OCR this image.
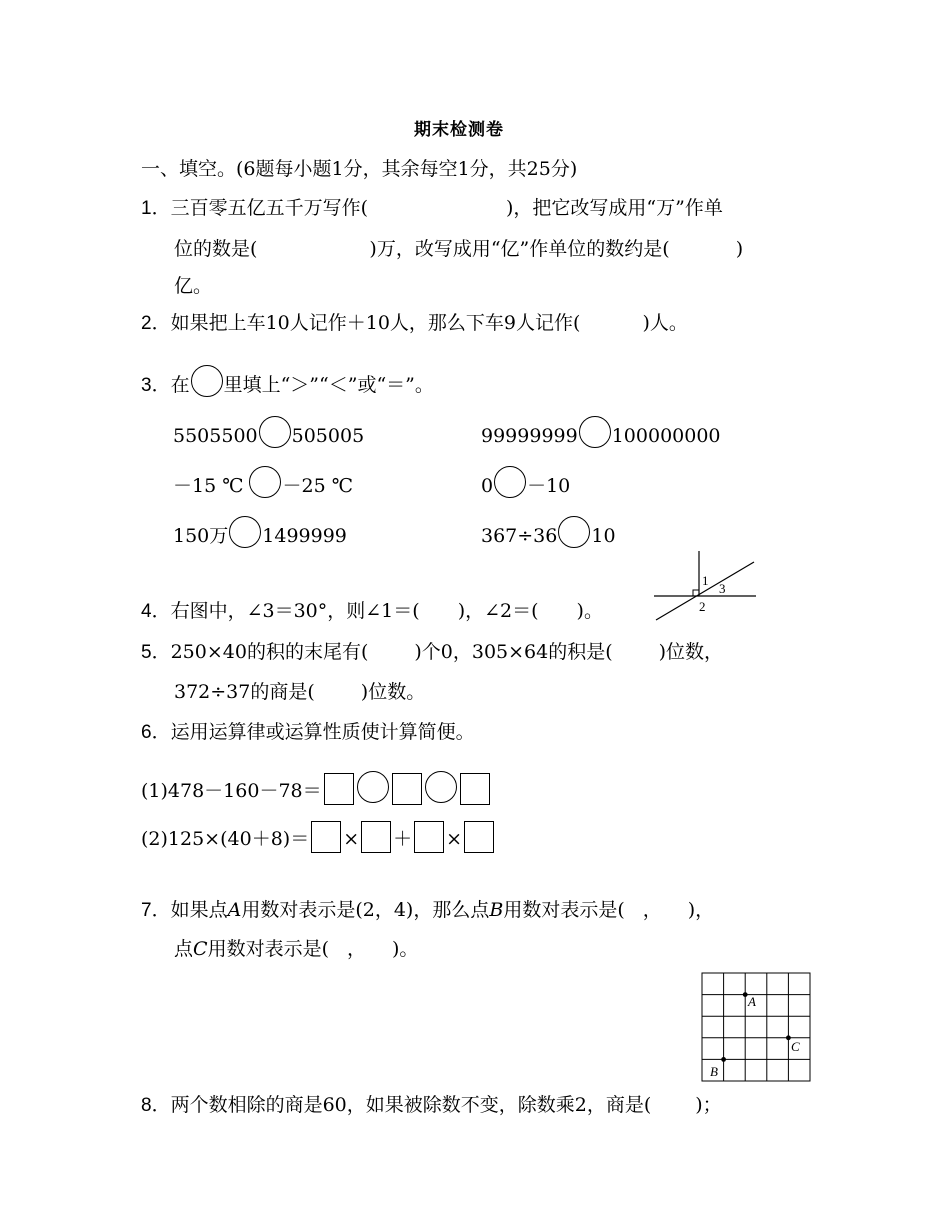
期末检测卷
一、填空。(6题每小题1分，其余每空1分，共25分)
1．三百零五亿五千万写作(	)，把它改写成用“万”作单
位的数是(	)万，改写成用“亿”作单位的数约是(	)
亿。
2．如果把上车10人记作＋10人，那么下车9人记作(	)人。
3．在 里填上“＞”“＜”或“＝”。
5505500 505005	99999999 100000000
－15 ℃ －25 ℃	0 －10
150万 1499999	367÷36 10
4．右图中，∠3＝30°，则∠1＝( )，∠2＝( )。
1
2
3
5．250×40的积的末尾有( )个0，305×64的积是( )位数，
372÷37的商是( )位数。
6．运用运算律或运算性质使计算简便。
(1)478－160－78＝
(2)125×(40＋8)＝ × ＋ ×
7．如果点A用数对表示是(2，4)，那么点B用数对表示是( ， )，
点C用数对表示是( ， )。
A
B
C
8．两个数相除的商是60，如果被除数不变，除数乘2，商是( )；
